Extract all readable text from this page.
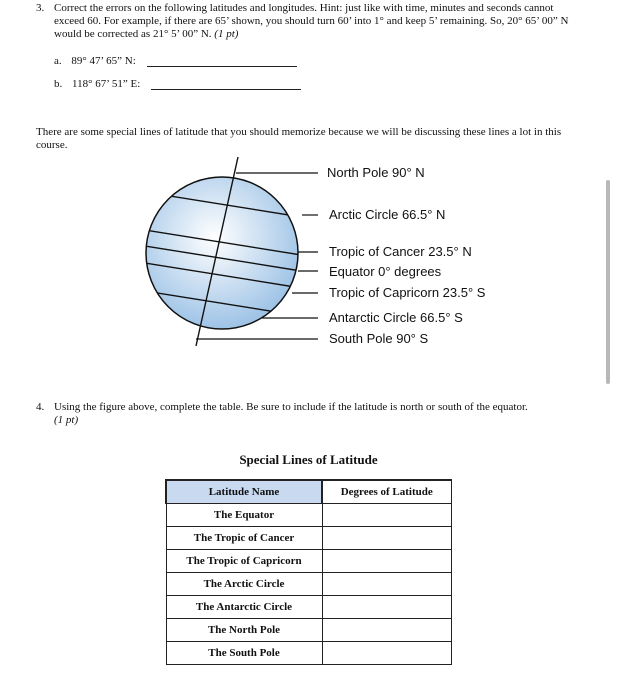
3. Correct the errors on the following latitudes and longitudes. Hint: just like with time, minutes and seconds cannot exceed 60. For example, if there are 65’ shown, you should turn 60’ into 1° and keep 5’ remaining. So, 20° 65’ 00” N would be corrected as 21° 5’ 00” N. (1 pt)
a. 89° 47’ 65” N:
b. 118° 67’ 51” E:
There are some special lines of latitude that you should memorize because we will be discussing these lines a lot in this course.
North Pole 90° N
Arctic Circle 66.5° N
Tropic of Cancer 23.5° N
Equator 0° degrees
Tropic of Capricorn 23.5° S
Antarctic Circle 66.5° S
South Pole 90° S
4. Using the figure above, complete the table. Be sure to include if the latitude is north or south of the equator.
(1 pt)
Special Lines of Latitude
Latitude Name	Degrees of Latitude
The Equator	
The Tropic of Cancer	
The Tropic of Capricorn	
The Arctic Circle	
The Antarctic Circle	
The North Pole	
The South Pole	
